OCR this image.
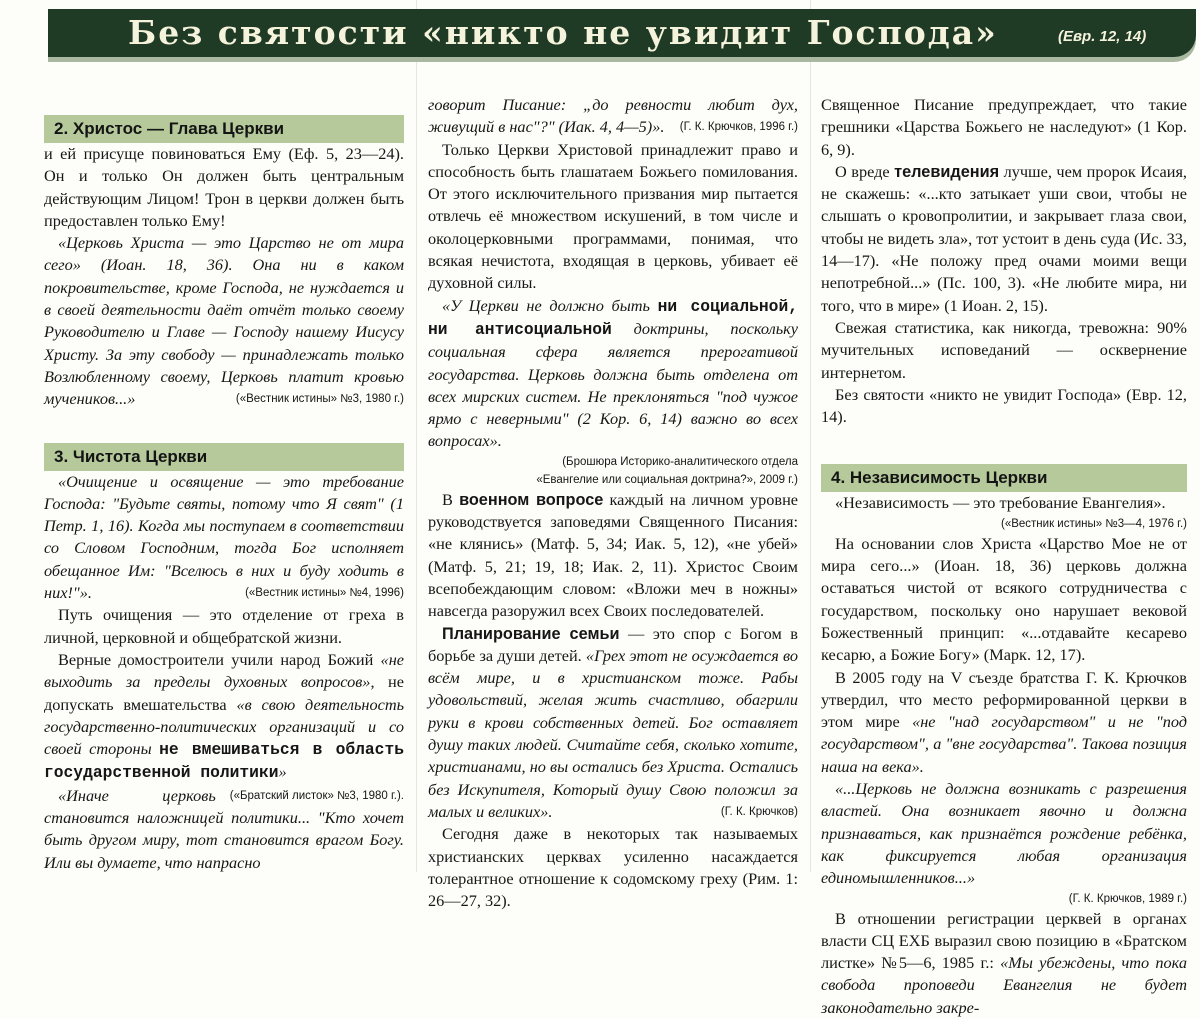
Без святости «никто не увидит Господа»	(Евр. 12, 14)
2. Христос — Глава Церкви

и ей присуще повиноваться Ему (Еф. 5, 23—24). Он и только Он должен быть центральным действующим Лицом! Трон в церкви должен быть предоставлен только Ему!

«Церковь Христа — это Царство не от мира сего» (Иоан. 18, 36). Она ни в каком покровительстве, кроме Господа, не нуждается и в своей деятельности даёт отчёт только своему Руководителю и Главе — Господу нашему Иисусу Христу. За эту свободу — принадлежать только Возлюбленному своему, Церковь платит кровью мучеников...»	(«Вестник истины» №3, 1980 г.)

3. Чистота Церкви

«Очищение и освящение — это требование Господа: "Будьте святы, потому что Я свят" (1 Петр. 1, 16). Когда мы поступаем в соответствии со Словом Господним, тогда Бог исполняет обещанное Им: "Вселюсь в них и буду ходить в них!"».	(«Вестник истины» №4, 1996)

Путь очищения — это отделение от греха в личной, церковной и общебратской жизни.

Верные домостроители учили народ Божий «не выходить за пределы духовных вопросов», не допускать вмешательства «в свою деятельность государственно-политических организаций и со своей стороны не вмешиваться в область государственной политики»
(«Братский листок» №3, 1980 г.).

«Иначе церковь становится наложницей политики... "Кто хочет быть другом миру, тот становится врагом Богу. Или вы думаете, что напрасно

говорит Писание: „до ревности любит дух, живущий в нас"?" (Иак. 4, 4—5)». (Г. К. Крючков, 1996 г.)

Только Церкви Христовой принадлежит право и способность быть глашатаем Божьего помилования. От этого исключительного призвания мир пытается отвлечь её множеством искушений, в том числе и околоцерковными программами, понимая, что всякая нечистота, входящая в церковь, убивает её духовной силы.

«У Церкви не должно быть ни социальной, ни антисоциальной доктрины, поскольку социальная сфера является прерогативой государства. Церковь должна быть отделена от всех мирских систем. Не преклоняться "под чужое ярмо с неверными" (2 Кор. 6, 14) важно во всех вопросах».

(Брошюра Историко-аналитического отдела
«Евангелие или социальная доктрина?», 2009 г.)

В военном вопросе каждый на личном уровне руководствуется заповедями Священного Писания: «не клянись» (Матф. 5, 34; Иак. 5, 12), «не убей» (Матф. 5, 21; 19, 18; Иак. 2, 11). Христос Своим всепобеждающим словом: «Вложи меч в ножны» навсегда разоружил всех Своих последователей.

Планирование семьи — это спор с Богом в борьбе за души детей. «Грех этот не осуждается во всём мире, и в христианском тоже. Рабы удовольствий, желая жить счастливо, обагрили руки в крови собственных детей. Бог оставляет душу таких людей. Считайте себя, сколько хотите, христианами, но вы остались без Христа. Остались без Искупителя, Который душу Свою положил за малых и великих».	(Г. К. Крючков)

Сегодня даже в некоторых так называемых христианских церквах усиленно насаждается толерантное отношение к содомскому греху (Рим. 1: 26—27, 32).

Священное Писание предупреждает, что такие грешники «Царства Божьего не наследуют» (1 Кор. 6, 9).

О вреде телевидения лучше, чем пророк Исаия, не скажешь: «...кто затыкает уши свои, чтобы не слышать о кровопролитии, и закрывает глаза свои, чтобы не видеть зла», тот устоит в день суда (Ис. 33, 14—17). «Не положу пред очами моими вещи непотребной...» (Пс. 100, 3). «Не любите мира, ни того, что в мире» (1 Иоан. 2, 15).

Свежая статистика, как никогда, тревожна: 90% мучительных исповеданий — осквернение интернетом.

Без святости «никто не увидит Господа» (Евр. 12, 14).

4. Независимость Церкви

«Независимость — это требование Евангелия».

(«Вестник истины» №3—4, 1976 г.)

На основании слов Христа «Царство Мое не от мира сего...» (Иоан. 18, 36) церковь должна оставаться чистой от всякого сотрудничества с государством, поскольку оно нарушает вековой Божественный принцип: «...отдавайте кесарево кесарю, а Божие Богу» (Марк. 12, 17).

В 2005 году на V съезде братства Г. К. Крючков утвердил, что место реформированной церкви в этом мире «не "над государством" и не "под государством", а "вне государства". Такова позиция наша на века».

«...Церковь не должна возникать с разрешения властей. Она возникает явочно и должна признаваться, как признаётся рождение ребёнка, как фиксируется любая организация единомышленников...»

(Г. К. Крючков, 1989 г.)

В отношении регистрации церквей в органах власти СЦ ЕХБ выразил свою позицию в «Братском листке» №5—6, 1985 г.: «Мы убеждены, что пока свобода проповеди Евангелия не будет законодательно закре-
